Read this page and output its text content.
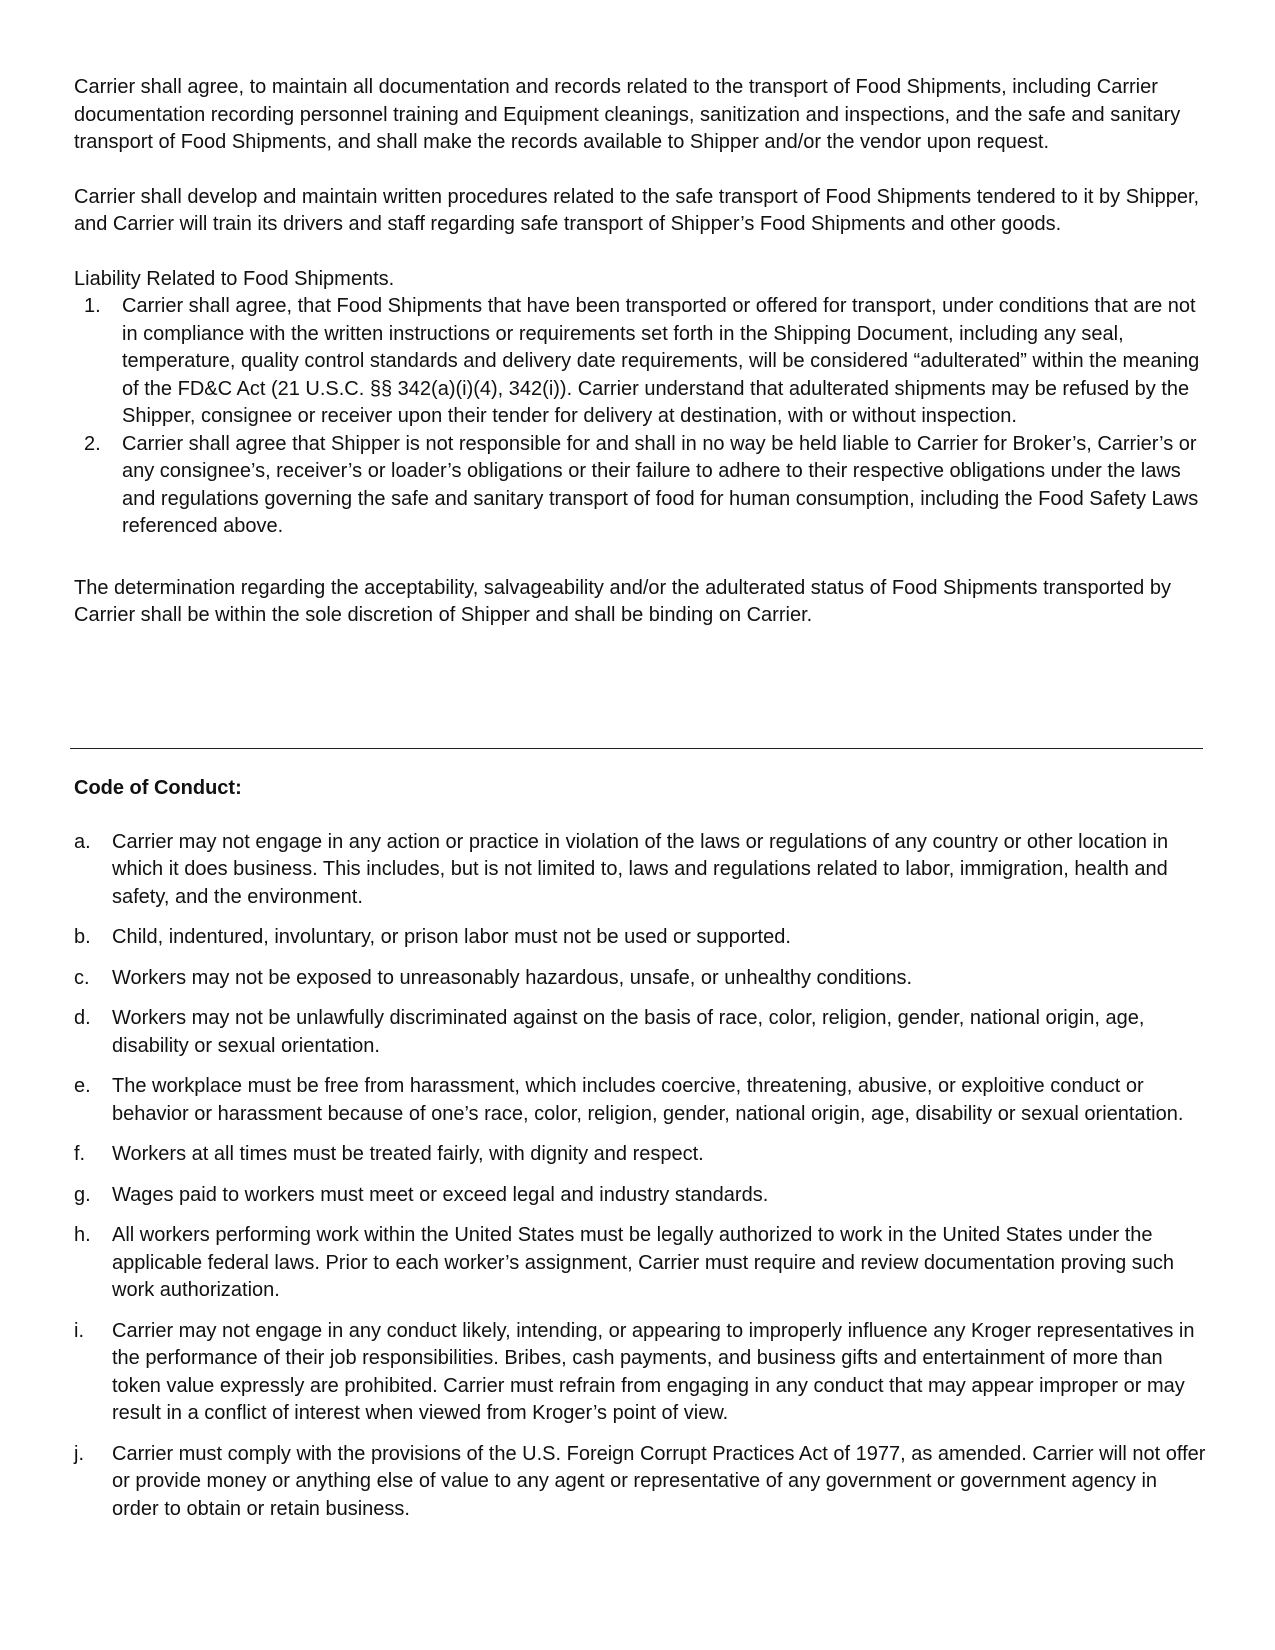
Carrier shall agree, to maintain all documentation and records related to the transport of Food Shipments, including Carrier documentation recording personnel training and Equipment cleanings, sanitization and inspections, and the safe and sanitary transport of Food Shipments, and shall make the records available to Shipper and/or the vendor upon request.

Carrier shall develop and maintain written procedures related to the safe transport of Food Shipments tendered to it by Shipper, and Carrier will train its drivers and staff regarding safe transport of Shipper’s Food Shipments and other goods.

Liability Related to Food Shipments.

1. Carrier shall agree, that Food Shipments that have been transported or offered for transport, under conditions that are not in compliance with the written instructions or requirements set forth in the Shipping Document, including any seal, temperature, quality control standards and delivery date requirements, will be considered “adulterated” within the meaning of the FD&C Act (21 U.S.C. §§ 342(a)(i)(4), 342(i)). Carrier understand that adulterated shipments may be refused by the Shipper, consignee or receiver upon their tender for delivery at destination, with or without inspection.
2. Carrier shall agree that Shipper is not responsible for and shall in no way be held liable to Carrier for Broker’s, Carrier’s or any consignee’s, receiver’s or loader’s obligations or their failure to adhere to their respective obligations under the laws and regulations governing the safe and sanitary transport of food for human consumption, including the Food Safety Laws referenced above.

The determination regarding the acceptability, salvageability and/or the adulterated status of Food Shipments transported by Carrier shall be within the sole discretion of Shipper and shall be binding on Carrier.

Code of Conduct:

a. Carrier may not engage in any action or practice in violation of the laws or regulations of any country or other location in which it does business. This includes, but is not limited to, laws and regulations related to labor, immigration, health and safety, and the environment.
b. Child, indentured, involuntary, or prison labor must not be used or supported.
c. Workers may not be exposed to unreasonably hazardous, unsafe, or unhealthy conditions.
d. Workers may not be unlawfully discriminated against on the basis of race, color, religion, gender, national origin, age, disability or sexual orientation.
e. The workplace must be free from harassment, which includes coercive, threatening, abusive, or exploitive conduct or behavior or harassment because of one’s race, color, religion, gender, national origin, age, disability or sexual orientation.
f. Workers at all times must be treated fairly, with dignity and respect.
g. Wages paid to workers must meet or exceed legal and industry standards.
h. All workers performing work within the United States must be legally authorized to work in the United States under the applicable federal laws. Prior to each worker’s assignment, Carrier must require and review documentation proving such work authorization.
i. Carrier may not engage in any conduct likely, intending, or appearing to improperly influence any Kroger representatives in the performance of their job responsibilities. Bribes, cash payments, and business gifts and entertainment of more than token value expressly are prohibited. Carrier must refrain from engaging in any conduct that may appear improper or may result in a conflict of interest when viewed from Kroger’s point of view.
j. Carrier must comply with the provisions of the U.S. Foreign Corrupt Practices Act of 1977, as amended. Carrier will not offer or provide money or anything else of value to any agent or representative of any government or government agency in order to obtain or retain business.
